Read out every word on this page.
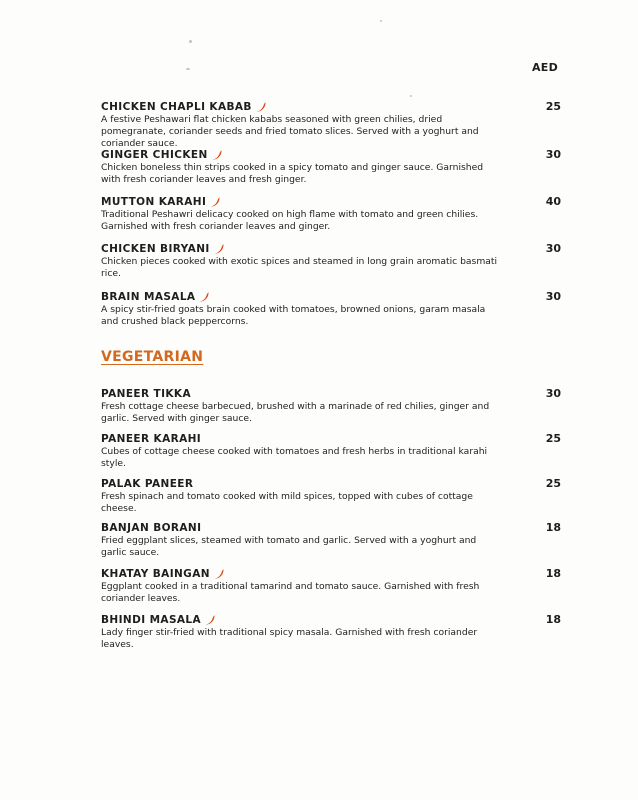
AED
CHICKEN CHAPLI KABAB
A festive Peshawari flat chicken kababs seasoned with green chilies, dried pomegranate, coriander seeds and fried tomato slices. Served with a yoghurt and coriander sauce.
25
GINGER CHICKEN
Chicken boneless thin strips cooked in a spicy tomato and ginger sauce. Garnished with fresh coriander leaves and fresh ginger.
30
MUTTON KARAHI
Traditional Peshawri delicacy cooked on high flame with tomato and green chilies. Garnished with fresh coriander leaves and ginger.
40
CHICKEN BIRYANI
Chicken pieces cooked with exotic spices and steamed in long grain aromatic basmati rice.
30
BRAIN MASALA
A spicy stir-fried goats brain cooked with tomatoes, browned onions, garam masala and crushed black peppercorns.
30
VEGETARIAN
PANEER TIKKA
Fresh cottage cheese barbecued, brushed with a marinade of red chilies, ginger and garlic. Served with ginger sauce.
30
PANEER KARAHI
Cubes of cottage cheese cooked with tomatoes and fresh herbs in traditional karahi style.
25
PALAK PANEER
Fresh spinach and tomato cooked with mild spices, topped with cubes of cottage cheese.
25
BANJAN BORANI
Fried eggplant slices, steamed with tomato and garlic. Served with a yoghurt and garlic sauce.
18
KHATAY BAINGAN
Eggplant cooked in a traditional tamarind and tomato sauce. Garnished with fresh coriander leaves.
18
BHINDI MASALA
Lady finger stir-fried with traditional spicy masala. Garnished with fresh coriander leaves.
18
